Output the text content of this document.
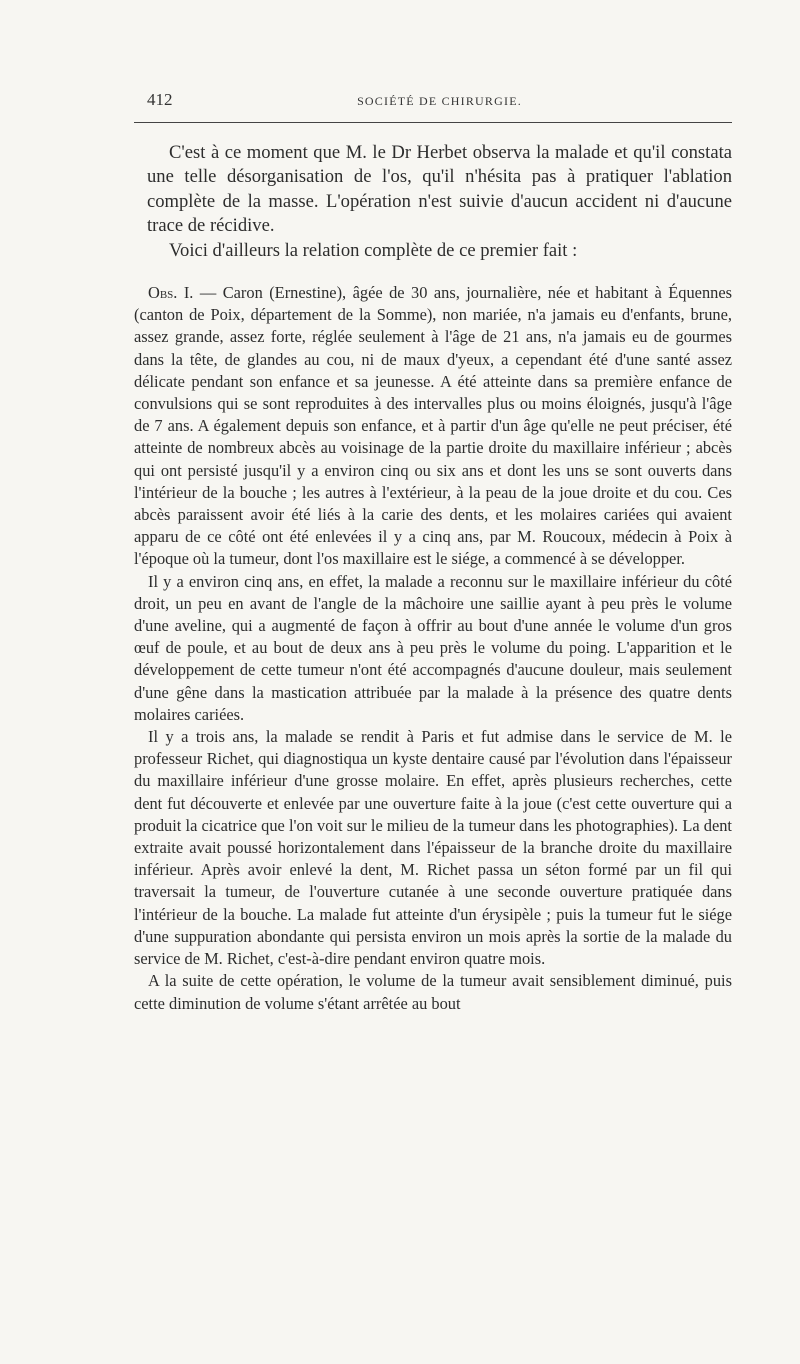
412	SOCIÉTÉ DE CHIRURGIE.

C'est à ce moment que M. le Dr Herbet observa la malade et qu'il constata une telle désorganisation de l'os, qu'il n'hésita pas à pratiquer l'ablation complète de la masse. L'opération n'est suivie d'aucun accident ni d'aucune trace de récidive.

Voici d'ailleurs la relation complète de ce premier fait :

Obs. I. — Caron (Ernestine), âgée de 30 ans, journalière, née et habitant à Équennes (canton de Poix, département de la Somme), non mariée, n'a jamais eu d'enfants, brune, assez grande, assez forte, réglée seulement à l'âge de 21 ans, n'a jamais eu de gourmes dans la tête, de glandes au cou, ni de maux d'yeux, a cependant été d'une santé assez délicate pendant son enfance et sa jeunesse. A été atteinte dans sa première enfance de convulsions qui se sont reproduites à des intervalles plus ou moins éloignés, jusqu'à l'âge de 7 ans. A également depuis son enfance, et à partir d'un âge qu'elle ne peut préciser, été atteinte de nombreux abcès au voisinage de la partie droite du maxillaire inférieur ; abcès qui ont persisté jusqu'il y a environ cinq ou six ans et dont les uns se sont ouverts dans l'intérieur de la bouche ; les autres à l'extérieur, à la peau de la joue droite et du cou. Ces abcès paraissent avoir été liés à la carie des dents, et les molaires cariées qui avaient apparu de ce côté ont été enlevées il y a cinq ans, par M. Roucoux, médecin à Poix à l'époque où la tumeur, dont l'os maxillaire est le siége, a commencé à se développer.

Il y a environ cinq ans, en effet, la malade a reconnu sur le maxillaire inférieur du côté droit, un peu en avant de l'angle de la mâchoire une saillie ayant à peu près le volume d'une aveline, qui a augmenté de façon à offrir au bout d'une année le volume d'un gros œuf de poule, et au bout de deux ans à peu près le volume du poing. L'apparition et le développement de cette tumeur n'ont été accompagnés d'aucune douleur, mais seulement d'une gêne dans la mastication attribuée par la malade à la présence des quatre dents molaires cariées.

Il y a trois ans, la malade se rendit à Paris et fut admise dans le service de M. le professeur Richet, qui diagnostiqua un kyste dentaire causé par l'évolution dans l'épaisseur du maxillaire inférieur d'une grosse molaire. En effet, après plusieurs recherches, cette dent fut découverte et enlevée par une ouverture faite à la joue (c'est cette ouverture qui a produit la cicatrice que l'on voit sur le milieu de la tumeur dans les photographies). La dent extraite avait poussé horizontalement dans l'épaisseur de la branche droite du maxillaire inférieur. Après avoir enlevé la dent, M. Richet passa un séton formé par un fil qui traversait la tumeur, de l'ouverture cutanée à une seconde ouverture pratiquée dans l'intérieur de la bouche. La malade fut atteinte d'un érysipèle ; puis la tumeur fut le siége d'une suppuration abondante qui persista environ un mois après la sortie de la malade du service de M. Richet, c'est-à-dire pendant environ quatre mois.

A la suite de cette opération, le volume de la tumeur avait sensiblement diminué, puis cette diminution de volume s'étant arrêtée au bout
